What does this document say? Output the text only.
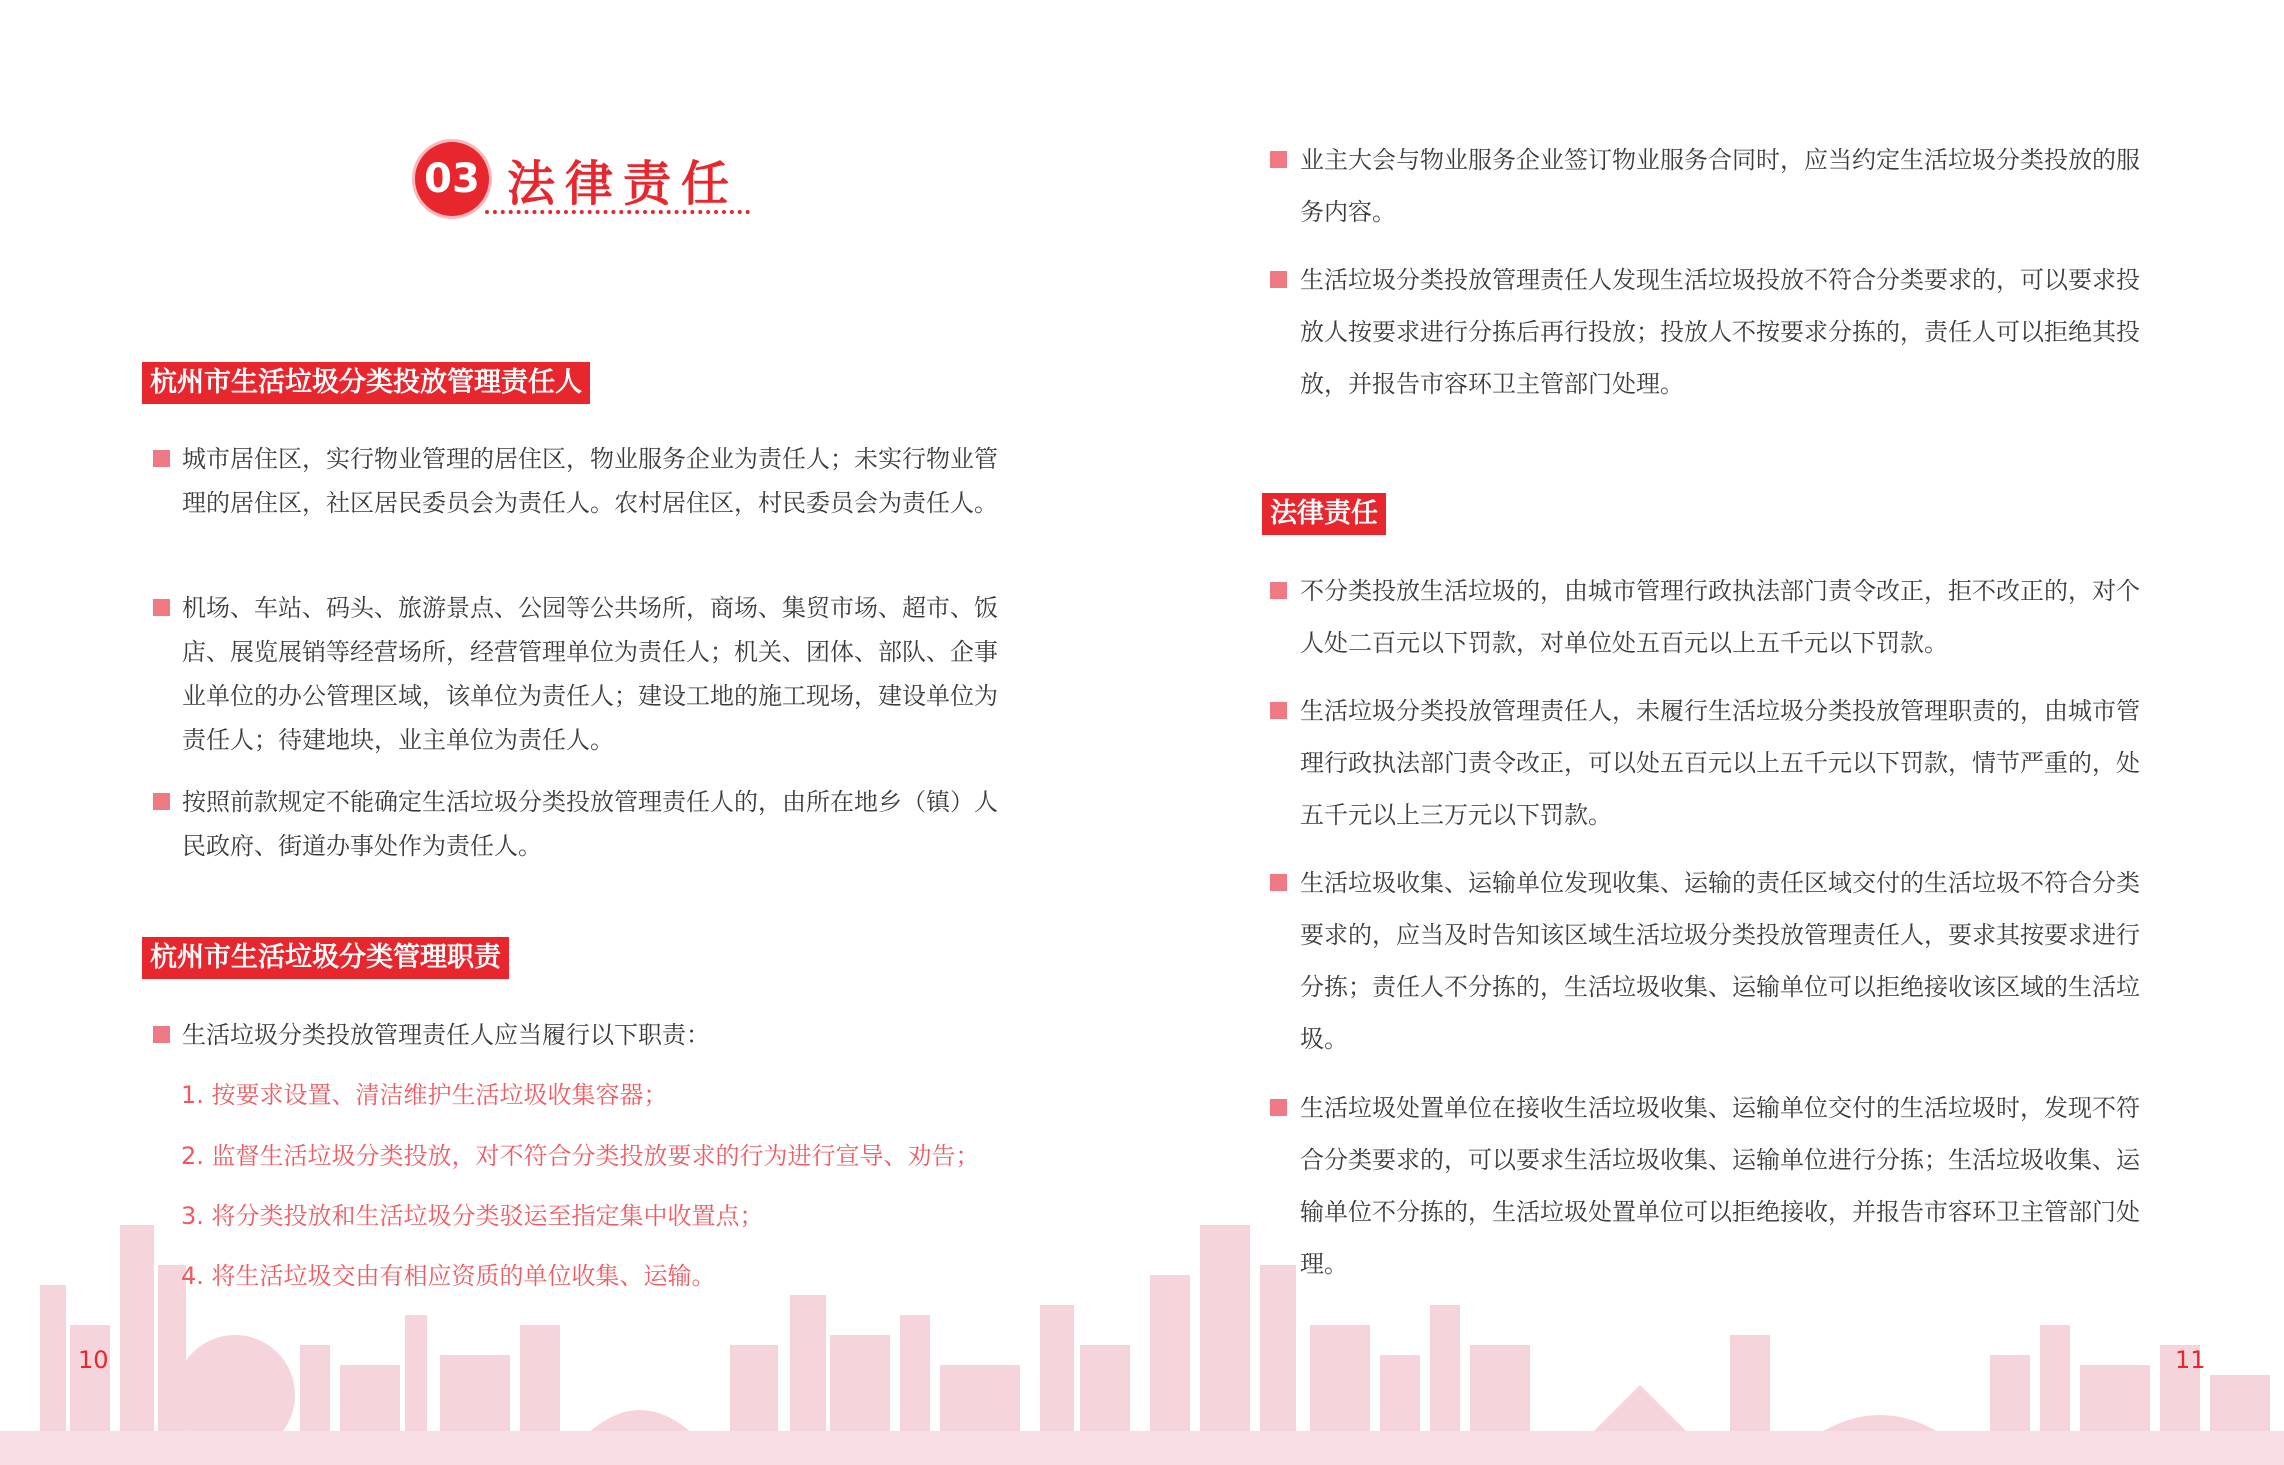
03 法律责任
杭州市生活垃圾分类投放管理责任人
城市居住区，实行物业管理的居住区，物业服务企业为责任人；未实行物业管理的居住区，社区居民委员会为责任人。农村居住区，村民委员会为责任人。
机场、车站、码头、旅游景点、公园等公共场所，商场、集贸市场、超市、饭店、展览展销等经营场所，经营管理单位为责任人；机关、团体、部队、企事业单位的办公管理区域，该单位为责任人；建设工地的施工现场，建设单位为责任人；待建地块，业主单位为责任人。
按照前款规定不能确定生活垃圾分类投放管理责任人的，由所在地乡（镇）人民政府、街道办事处作为责任人。
杭州市生活垃圾分类管理职责
生活垃圾分类投放管理责任人应当履行以下职责：
1. 按要求设置、清洁维护生活垃圾收集容器；
2. 监督生活垃圾分类投放，对不符合分类投放要求的行为进行宣导、劝告；
3. 将分类投放和生活垃圾分类驳运至指定集中收置点；
4. 将生活垃圾交由有相应资质的单位收集、运输。
10
业主大会与物业服务企业签订物业服务合同时，应当约定生活垃圾分类投放的服务内容。
生活垃圾分类投放管理责任人发现生活垃圾投放不符合分类要求的，可以要求投放人按要求进行分拣后再行投放；投放人不按要求分拣的，责任人可以拒绝其投放，并报告市容环卫主管部门处理。
法律责任
不分类投放生活垃圾的，由城市管理行政执法部门责令改正，拒不改正的，对个人处二百元以下罚款，对单位处五百元以上五千元以下罚款。
生活垃圾分类投放管理责任人，未履行生活垃圾分类投放管理职责的，由城市管理行政执法部门责令改正，可以处五百元以上五千元以下罚款，情节严重的，处五千元以上三万元以下罚款。
生活垃圾收集、运输单位发现收集、运输的责任区域交付的生活垃圾不符合分类要求的，应当及时告知该区域生活垃圾分类投放管理责任人，要求其按要求进行分拣；责任人不分拣的，生活垃圾收集、运输单位可以拒绝接收该区域的生活垃圾。
生活垃圾处置单位在接收生活垃圾收集、运输单位交付的生活垃圾时，发现不符合分类要求的，可以要求生活垃圾收集、运输单位进行分拣；生活垃圾收集、运输单位不分拣的，生活垃圾处置单位可以拒绝接收，并报告市容环卫主管部门处理。
11
